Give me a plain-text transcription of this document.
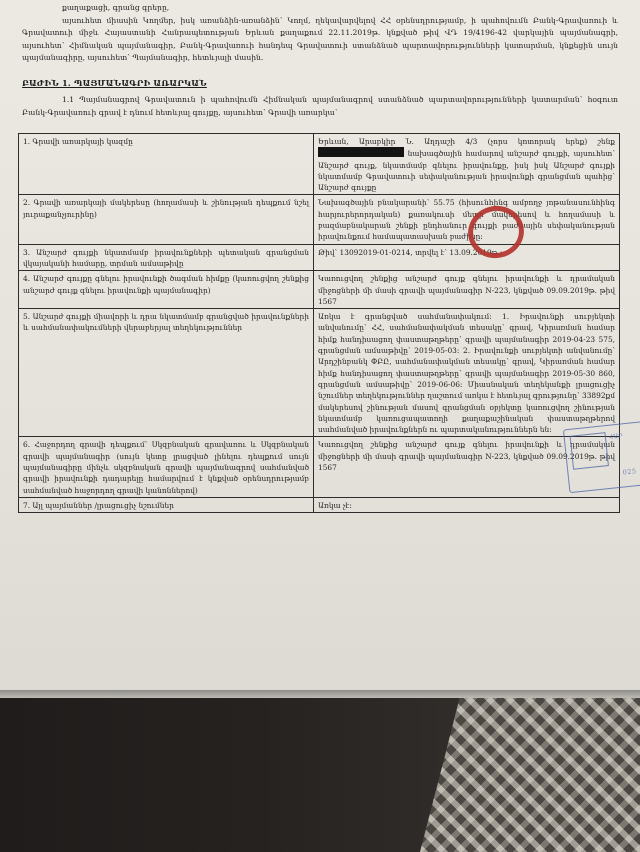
քաղաքացի, գրանց գրերը,

այսուհետ միասին Կողմեր, իսկ առանձին-առանձին՝ Կողմ, ղեկավարվելով ՀՀ օրենսդրությամբ, ի պահովումն Բանկ-Գրավառուի և Գրավատուի միջև Հայաստանի Հանրապետության Երևան քաղաքում 22.11.2019թ. կնքված թիվ ՎԴ 19/4196-42 վարկային պայմանագրի, այսուհետ՝ Հիմնական պայմանագիր, Բանկ-Գրավառուի հանդեպ Գրավատուի ստանձնած պարտավորությունների կատարման, կնքեցին սույն պայմանագիրը, այսուհետ՝ Պայմանագիր, հետևյալի մասին.

ԲԱԺԻՆ 1. ՊԱՅՄԱՆԱԳՐԻ ԱՌԱՐԿԱՆ

1.1 Պայմանագրով Գրավատուն ի պահովումն Հիմնական պայմանագրով ստանձնած պարտավորությունների կատարման՝ հօգուտ Բանկ-Գրավառուի գրավ է դնում հետևյալ գույքը, այսուհետ՝ Գրավի առարկա՝

1. Գրավի առարկայի կազմը	Երևան, Արաբկիր Ն. Աղդաշի 4/3 (չորս կոտորակ երեք) շենք  նախագծային համարով անշարժ գույքի, այսուհետ՝ Անշարժ գույք, նկատմամբ գնելու իրավունքը, իսկ իսկ Անշարժ գույքի նկատմամբ Գրավատուի սեփականության իրավունքի գրանցման պահից՝ Անշարժ գույքը
2. Գրավի առարկայի մակերեսը (հողամասի և շինության դեպքում նշել յուրաքանչյուրինը)	Նախագծային բնակարանի՝ 55.75 (հիսունհինգ ամբողջ յոթանասունհինգ հարյուրերորդական) քառակուսի մետր մակերեսով և հողամասի և բազմաբնակարան շենքի ընդհանուր գույքի բաժնային սեփականության իրավունքում համապատասխան բաժինը:
3. Անշարժ գույքի նկատմամբ իրավունքների պետական գրանցման վկայականի համարը, տրման ամսաթիվը	Թիվ՝ 13092019-01-0214, տրվել է՝ 13.09.2019թ.:
4. Անշարժ գույքը գնելու իրավունքի ծագման հիմքը (կառուցվող շենքից անշարժ գույք գնելու իրավունքի պայմանագիր)	Կառուցվող շենքից անշարժ գույք գնելու իրավունքի և դրամական միջոցների մի մասի գրավի պայմանագիր N-223, կնքված 09.09.2019թ. թիվ 1567
5. Անշարժ գույքի միավորի և դրա նկատմամբ գրանցված իրավունքների և սահմանափակումների վերաբերյալ տեղեկություններ	Առկա է գրանցված սահմանափակում: 1. Իրավունքի սուբյեկտի անվանումը՝ ՀՀ, սահմանափակման տեսակը՝ գրավ, Կիրառման համար հիմք հանդիսացող փաստաթղթերը՝ գրավի պայմանագիր 2019-04-23 575, գրանցման ամսաթիվը՝ 2019-05-03: 2. Իրավունքի սուբյեկտի անվանումը՝ Արդշինբանկ ՓԲԸ, սահմանափակման տեսակը՝ գրավ, Կիրառման համար հիմք հանդիսացող փաստաթղթերը՝ գրավի պայմանագիր 2019-05-30 860, գրանցման ամսաթիվը՝ 2019-06-06: Միասնական տեղեկանքի լրացուցիչ նշումներ տեղեկություններ ղաշտում առկա է հետևյալ գրությունը՝ 33892քմ մակերեսով շինության մասով գրանցման օբյեկտը կառուցվող շինության նկատմամբ կառուցապատողի քաղաքաշինական փաստաթղթերով սահմանված իրավունքներն ու պարտականություններն են:
6. Հաջորդող գրավի դեպքում՝ Սկզբնական գրավառու և Սկզբնական գրավի պայմանագիր (սույն կետը լրացված լինելու դեպքում սույն պայմանագիրը մինչև սկզբնական գրավի պայմանագրով սահմանված գրավի իրավունքի դադարելը համարվում է կնքված օրենսդրությամբ սահմանված հաջորդող գրավի կանոններով)	Կառուցվող շենքից անշարժ գույք գնելու իրավունքի և դրամական միջոցների մի մասի գրավի պայմանագիր N-223, կնքված 09.09.2019թ. թիվ 1567
7. Այլ պայմաններ /լրացուցիչ նշումներ	Առկա չէ:
ՀԱՐ
025
